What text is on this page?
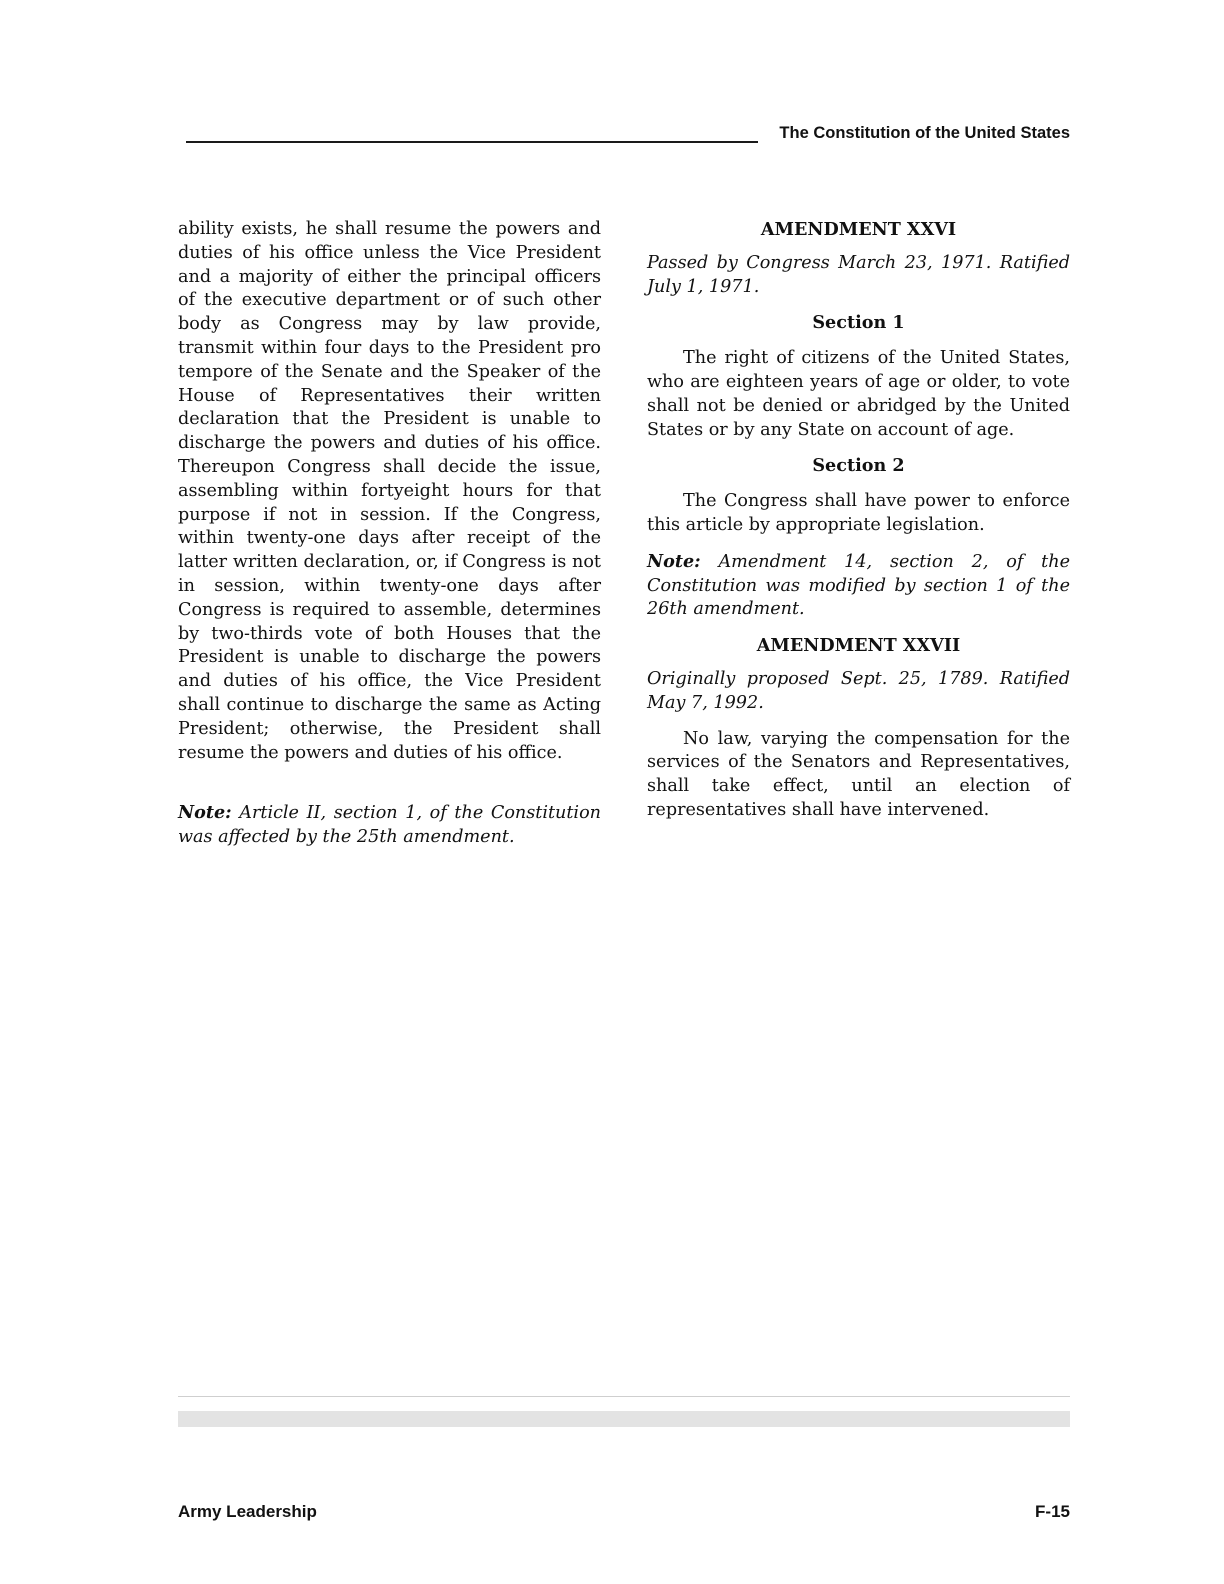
The Constitution of the United States

ability exists, he shall resume the powers and duties of his office unless the Vice President and a majority of either the principal officers of the executive department or of such other body as Congress may by law provide, transmit within four days to the President pro tempore of the Senate and the Speaker of the House of Representatives their written declaration that the President is unable to discharge the powers and duties of his office. Thereupon Congress shall decide the issue, assembling within fortyeight hours for that purpose if not in session. If the Congress, within twenty-one days after receipt of the latter written declaration, or, if Congress is not in session, within twenty-one days after Congress is required to assemble, determines by two-thirds vote of both Houses that the President is unable to discharge the powers and duties of his office, the Vice President shall continue to discharge the same as Acting President; otherwise, the President shall resume the powers and duties of his office.

Note: Article II, section 1, of the Constitution was affected by the 25th amendment.

AMENDMENT XXVI

Passed by Congress March 23, 1971. Ratified July 1, 1971.

Section 1

The right of citizens of the United States, who are eighteen years of age or older, to vote shall not be denied or abridged by the United States or by any State on account of age.

Section 2

The Congress shall have power to enforce this article by appropriate legislation.

Note: Amendment 14, section 2, of the Constitution was modified by section 1 of the 26th amendment.

AMENDMENT XXVII

Originally proposed Sept. 25, 1789. Ratified May 7, 1992.

No law, varying the compensation for the services of the Senators and Representatives, shall take effect, until an election of representatives shall have intervened.

Army Leadership	F-15
